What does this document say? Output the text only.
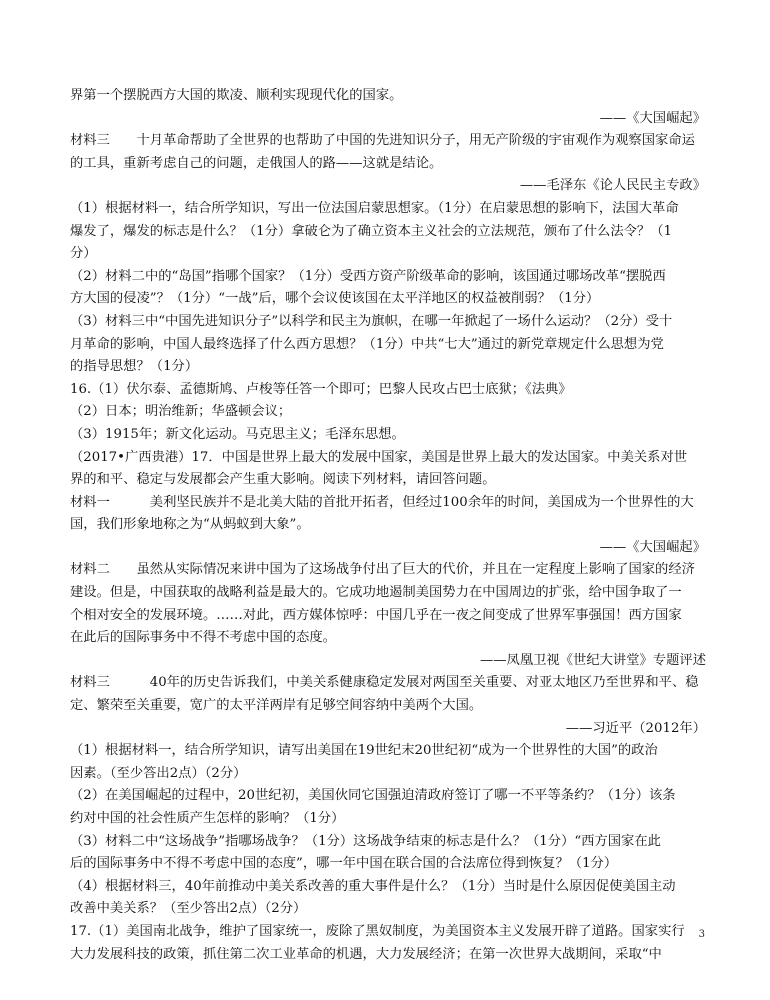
界第一个摆脱西方大国的欺凌、顺利实现现代化的国家。
——《大国崛起》
材料三　　十月革命帮助了全世界的也帮助了中国的先进知识分子，用无产阶级的宇宙观作为观察国家命运
的工具，重新考虑自己的问题，走俄国人的路——这就是结论。
——毛泽东《论人民民主专政》
（1）根据材料一，结合所学知识，写出一位法国启蒙思想家。（1分）在启蒙思想的影响下，法国大革命
爆发了，爆发的标志是什么？（1分）拿破仑为了确立资本主义社会的立法规范，颁布了什么法令？（1
分）
（2）材料二中的“岛国”指哪个国家？（1分）受西方资产阶级革命的影响，该国通过哪场改革“摆脱西
方大国的侵凌”？（1分）“一战”后，哪个会议使该国在太平洋地区的权益被削弱？（1分）
（3）材料三中“中国先进知识分子”以科学和民主为旗帜，在哪一年掀起了一场什么运动？（2分）受十
月革命的影响，中国人最终选择了什么西方思想？（1分）中共“七大”通过的新党章规定什么思想为党
的指导思想？（1分）
16.（1）伏尔泰、孟德斯鸠、卢梭等任答一个即可；巴黎人民攻占巴士底狱；《法典》
（2）日本；明治维新；华盛顿会议；
（3）1915年；新文化运动。马克思主义；毛泽东思想。
（2017•广西贵港）17．中国是世界上最大的发展中国家，美国是世界上最大的发达国家。中美关系对世
界的和平、稳定与发展都会产生重大影响。阅读下列材料，请回答问题。
材料一　　　美利坚民族并不是北美大陆的首批开拓者，但经过100余年的时间，美国成为一个世界性的大
国，我们形象地称之为“从蚂蚁到大象”。
——《大国崛起》
材料二　　虽然从实际情况来讲中国为了这场战争付出了巨大的代价，并且在一定程度上影响了国家的经济
建设。但是，中国获取的战略利益是最大的。它成功地遏制美国势力在中国周边的扩张，给中国争取了一
个相对安全的发展环境。……对此，西方媒体惊呼：中国几乎在一夜之间变成了世界军事强国！西方国家
在此后的国际事务中不得不考虑中国的态度。
——凤凰卫视《世纪大讲堂》专题评述
材料三　　　40年的历史告诉我们，中美关系健康稳定发展对两国至关重要、对亚太地区乃至世界和平、稳
定、繁荣至关重要，宽广的太平洋两岸有足够空间容纳中美两个大国。
——习近平（2012年）
（1）根据材料一，结合所学知识，请写出美国在19世纪末20世纪初“成为一个世界性的大国”的政治
因素。（至少答出2点）（2分）
（2）在美国崛起的过程中，20世纪初，美国伙同它国强迫清政府签订了哪一不平等条约？（1分）该条
约对中国的社会性质产生怎样的影响？（1分）
（3）材料二中“这场战争”指哪场战争？（1分）这场战争结束的标志是什么？（1分）“西方国家在此
后的国际事务中不得不考虑中国的态度”，哪一年中国在联合国的合法席位得到恢复？（1分）
（4）根据材料三，40年前推动中美关系改善的重大事件是什么？（1分）当时是什么原因促使美国主动
改善中美关系？（至少答出2点）（2分）
17.（1）美国南北战争，维护了国家统一，废除了黑奴制度，为美国资本主义发展开辟了道路。国家实行
大力发展科技的政策，抓住第二次工业革命的机遇，大力发展经济；在第一次世界大战期间，采取“中
3
